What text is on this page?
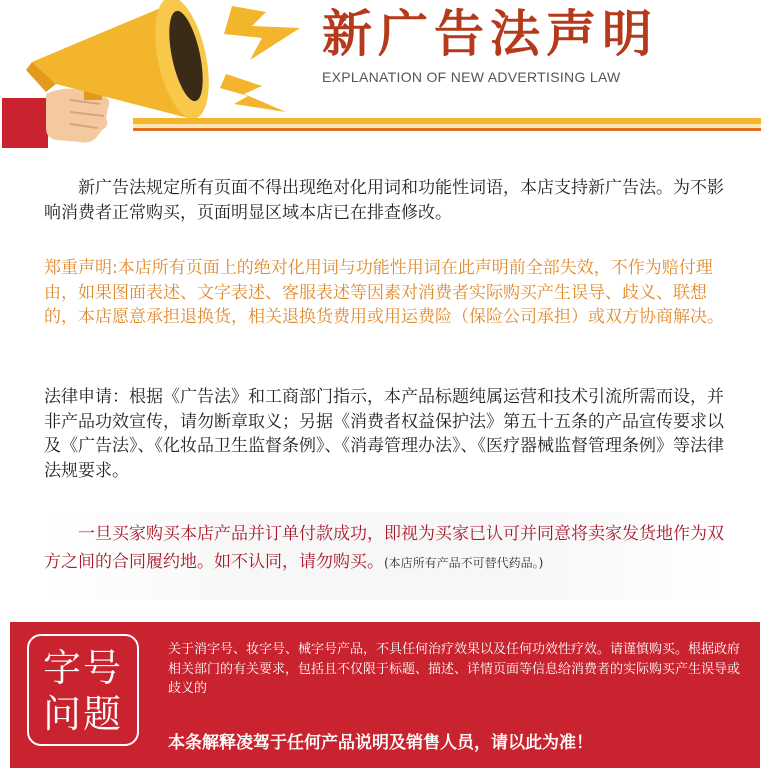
新广告法声明
EXPLANATION OF NEW ADVERTISING LAW

　　新广告法规定所有页面不得出现绝对化用词和功能性词语，本店支持新广告法。为不影响消费者正常购买，页面明显区域本店已在排查修改。

郑重声明:本店所有页面上的绝对化用词与功能性用词在此声明前全部失效，不作为赔付理由，如果图面表述、文字表述、客服表述等因素对消费者实际购买产生误导、歧义、联想的，本店愿意承担退换货，相关退换货费用或用运费险（保险公司承担）或双方协商解决。

法律申请：根据《广告法》和工商部门指示，本产品标题纯属运营和技术引流所需而设，并非产品功效宣传，请勿断章取义；另据《消费者权益保护法》第五十五条的产品宣传要求以及《广告法》、《化妆品卫生监督条例》、《消毒管理办法》、《医疗器械监督管理条例》等法律法规要求。

　　一旦买家购买本店产品并订单付款成功，即视为买家已认可并同意将卖家发货地作为双方之间的合同履约地。如不认同，请勿购买。(本店所有产品不可替代药品。)

字号问题

关于消字号、妆字号、械字号产品，不具任何治疗效果以及任何功效性疗效。请谨慎购买。根据政府相关部门的有关要求，包括且不仅限于标题、描述、详情页面等信息给消费者的实际购买产生误导或歧义的

本条解释凌驾于任何产品说明及销售人员，请以此为准！
